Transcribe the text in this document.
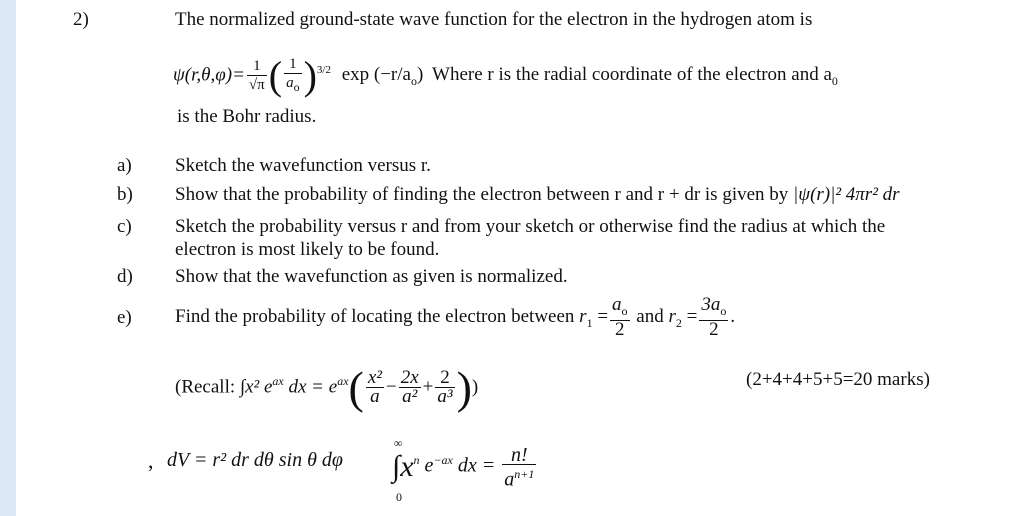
2)	The normalized ground-state wave function for the electron in the hydrogen atom is
$\psi(r,\theta,\varphi)= \frac{1}{√\pi}$ ( $\frac{1}{a_o} )^{3/2}$ $\exp (-r/a_o)$ Where r is the radial coordinate of the electron and $a_0$
is the Bohr radius.
a) Sketch the wavefunction versus r.
b) Show that the probability of finding the electron between r and r + dr is given by |ψ(r)|² 4πr² dr
c) Sketch the probability versus r and from your sketch or otherwise find the radius at which the
electron is most likely to be found.
d) Show that the wavefunction as given is normalized.
e) Find the probability of locating the electron between $r_1 = \frac{a_o}{2}$ and $r_2 = \frac{3a_o}{2}$ .
(Recall: ∫x² $e^{ax}$ dx = $e^{ax}( \frac{\text{x²}}{a} - \frac{2x}{\text{a²}} + \frac{2}{\text{a³}}$ ))	(2+4+4+5+5=20 marks)
, dV = r² dr dθ sin θ dφ
∞
0
$\int x^n$ $e^{-ax}$ dx = $\frac{n!}{a^{n+1}}$
